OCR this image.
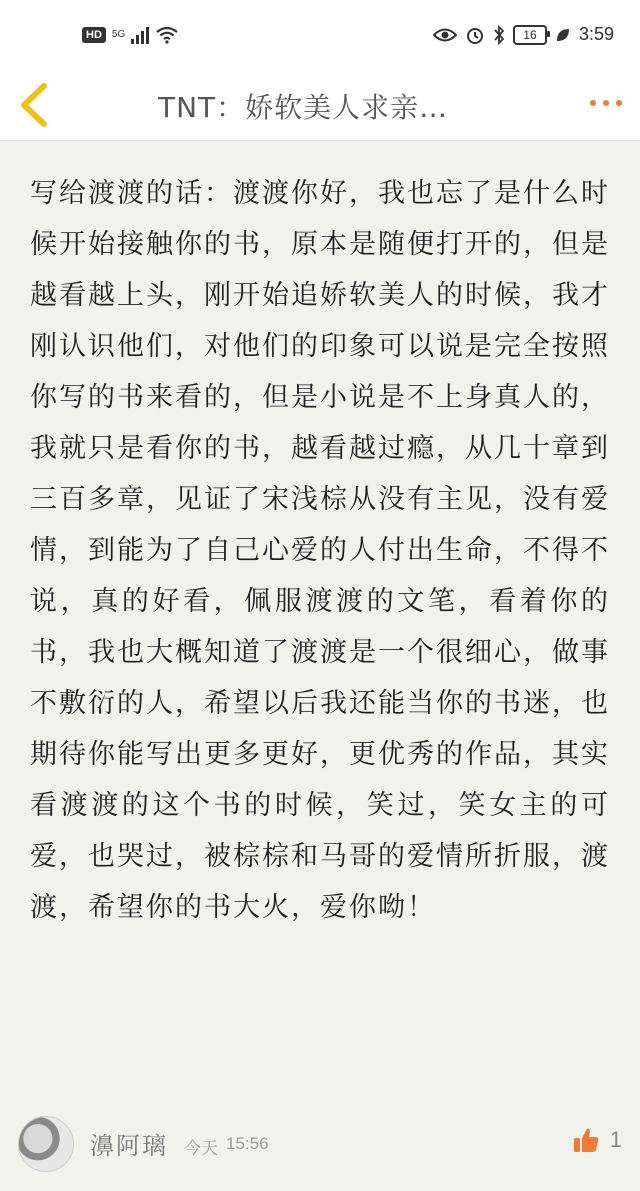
HD	5G	16 3:59
TNT：娇软美人求亲…

写给渡渡的话：渡渡你好，我也忘了是什么时候开始接触你的书，原本是随便打开的，但是越看越上头，刚开始追娇软美人的时候，我才刚认识他们，对他们的印象可以说是完全按照你写的书来看的，但是小说是不上身真人的，我就只是看你的书，越看越过瘾，从几十章到三百多章，见证了宋浅棕从没有主见，没有爱情，到能为了自己心爱的人付出生命，不得不说，真的好看，佩服渡渡的文笔，看着你的书，我也大概知道了渡渡是一个很细心，做事不敷衍的人，希望以后我还能当你的书迷，也期待你能写出更多更好，更优秀的作品，其实看渡渡的这个书的时候，笑过，笑女主的可爱，也哭过，被棕棕和马哥的爱情所折服，渡渡，希望你的书大火，爱你呦！

濞阿璃 今天 15:56	1
